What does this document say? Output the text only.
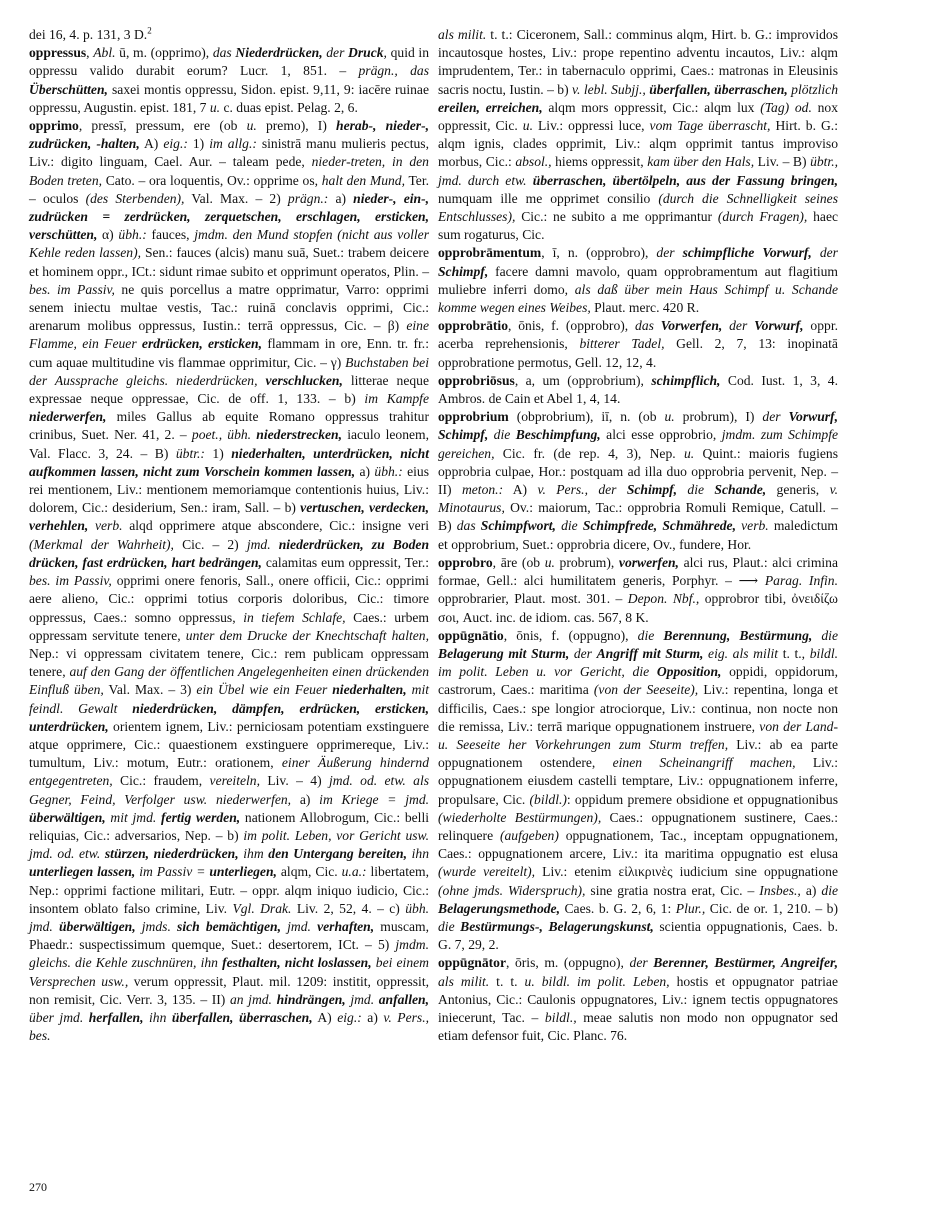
dei 16, 4. p. 131, 3 D.$^2$

oppressus, Abl. ū, m. (opprimo), das Niederdrücken, der Druck, quid in oppressu valido durabit eorum? Lucr. 1, 851. – prägn., das Überschütten, saxei montis oppressu, Sidon. epist. 9,11, 9: iacēre ruinae oppressu, Augustin. epist. 181, 7 u. c. duas epist. Pelag. 2, 6.

opprimo, pressī, pressum, ere (ob u. premo), I) herab-, nieder-, zudrücken, -halten, A) eig.: 1) im allg.: sinistrā manu mulieris pectus, Liv.: digito linguam, Cael. Aur. – taleam pede, nieder-treten, in den Boden treten, Cato. – ora loquentis, Ov.: opprime os, halt den Mund, Ter. – oculos (des Sterbenden), Val. Max. – 2) prägn.: a) nieder-, ein-, zudrücken = zerdrücken, zerquetschen, erschlagen, ersticken, verschütten, α) übh.: fauces, jmdm. den Mund stopfen (nicht aus voller Kehle reden lassen), Sen.: fauces (alcis) manu suā, Suet.: trabem deicere et hominem oppr., ICt.: sidunt rimae subito et opprimunt operatos, Plin. – bes. im Passiv, ne quis porcellus a matre opprimatur, Varro: opprimi senem iniectu multae vestis, Tac.: ruinā conclavis opprimi, Cic.: arenarum molibus oppressus, Iustin.: terrā oppressus, Cic. – β) eine Flamme, ein Feuer erdrücken, ersticken, flammam in ore, Enn. tr. fr.: cum aquae multitudine vis flammae opprimitur, Cic. – γ) Buchstaben bei der Aussprache gleichs. niederdrücken, verschlucken, litterae neque expressae neque oppressae, Cic. de off. 1, 133. – b) im Kampfe niederwerfen, miles Gallus ab equite Romano oppressus trahitur crinibus, Suet. Ner. 41, 2. – poet., übh. niederstrecken, iaculo leonem, Val. Flacc. 3, 24. – B) übtr.: 1) niederhalten, unterdrücken, nicht aufkommen lassen, nicht zum Vorschein kommen lassen, a) übh.: eius rei mentionem, Liv.: mentionem memoriamque contentionis huius, Liv.: dolorem, Cic.: desiderium, Sen.: iram, Sall. – b) vertuschen, verdecken, verhehlen, verb. alqd opprimere atque abscondere, Cic.: insigne veri (Merkmal der Wahrheit), Cic. – 2) jmd. niederdrücken, zu Boden drücken, fast erdrücken, hart bedrängen, calamitas eum oppressit, Ter.: bes. im Passiv, opprimi onere fenoris, Sall., onere officii, Cic.: opprimi aere alieno, Cic.: opprimi totius corporis doloribus, Cic.: timore oppressus, Caes.: somno oppressus, in tiefem Schlafe, Caes.: urbem oppressam servitute tenere, unter dem Drucke der Knechtschaft halten, Nep.: vi oppressam civitatem tenere, Cic.: rem publicam oppressam tenere, auf den Gang der öffentlichen Angelegenheiten einen drückenden Einfluß üben, Val. Max. – 3) ein Übel wie ein Feuer niederhalten, mit feindl. Gewalt niederdrücken, dämpfen, erdrücken, ersticken, unterdrücken, orientem ignem, Liv.: perniciosam potentiam exstinguere atque opprimere, Cic.: quaestionem exstinguere opprimereque, Liv.: tumultum, Liv.: motum, Eutr.: orationem, einer Äußerung hindernd entgegentreten, Cic.: fraudem, vereiteln, Liv. – 4) jmd. od. etw. als Gegner, Feind, Verfolger usw. niederwerfen, a) im Kriege = jmd. überwältigen, mit jmd. fertig werden, nationem Allobrogum, Cic.: belli reliquias, Cic.: adversarios, Nep. – b) im polit. Leben, vor Gericht usw. jmd. od. etw. stürzen, niederdrücken, ihm den Untergang bereiten, ihn unterliegen lassen, im Passiv = unterliegen, alqm, Cic. u.a.: libertatem, Nep.: opprimi factione militari, Eutr. – oppr. alqm iniquo iudicio, Cic.: insontem oblato falso crimine, Liv. Vgl. Drak. Liv. 2, 52, 4. – c) übh. jmd. überwältigen, jmds. sich bemächtigen, jmd. verhaften, muscam, Phaedr.: suspectissimum quemque, Suet.: desertorem, ICt. – 5) jmdm. gleichs. die Kehle zuschnüren, ihn festhalten, nicht loslassen, bei einem Versprechen usw., verum oppressit, Plaut. mil. 1209: institit, oppressit, non remisit, Cic. Verr. 3, 135. – II) an jmd. hindrängen, jmd. anfallen, über jmd. herfallen, ihn überfallen, überraschen, A) eig.: a) v. Pers., bes.

als milit. t. t.: Ciceronem, Sall.: comminus alqm, Hirt. b. G.: improvidos incautosque hostes, Liv.: prope repentino adventu incautos, Liv.: alqm imprudentem, Ter.: in tabernaculo opprimi, Caes.: matronas in Eleusinis sacris noctu, Iustin. – b) v. lebl. Subjj., überfallen, überraschen, plötzlich ereilen, erreichen, alqm mors oppressit, Cic.: alqm lux (Tag) od. nox oppressit, Cic. u. Liv.: oppressi luce, vom Tage überrascht, Hirt. b. G.: alqm ignis, clades opprimit, Liv.: alqm opprimit tantus improviso morbus, Cic.: absol., hiems oppressit, kam über den Hals, Liv. – B) übtr., jmd. durch etw. überraschen, übertölpeln, aus der Fassung bringen, numquam ille me opprimet consilio (durch die Schnelligkeit seines Entschlusses), Cic.: ne subito a me opprimantur (durch Fragen), haec sum rogaturus, Cic.

opprobrāmentum, ī, n. (opprobro), der schimpfliche Vorwurf, der Schimpf, facere damni mavolo, quam opprobramentum aut flagitium muliebre inferri domo, als daß über mein Haus Schimpf u. Schande komme wegen eines Weibes, Plaut. merc. 420 R.

opprobrātio, ōnis, f. (opprobro), das Vorwerfen, der Vorwurf, oppr. acerba reprehensionis, bitterer Tadel, Gell. 2, 7, 13: inopinatā opprobratione permotus, Gell. 12, 12, 4.

opprobriōsus, a, um (opprobrium), schimpflich, Cod. Iust. 1, 3, 4. Ambros. de Cain et Abel 1, 4, 14.

opprobrium (obprobrium), iī, n. (ob u. probrum), I) der Vorwurf, Schimpf, die Beschimpfung, alci esse opprobrio, jmdm. zum Schimpfe gereichen, Cic. fr. (de rep. 4, 3), Nep. u. Quint.: maioris fugiens opprobria culpae, Hor.: postquam ad illa duo opprobria pervenit, Nep. – II) meton.: A) v. Pers., der Schimpf, die Schande, generis, v. Minotaurus, Ov.: maiorum, Tac.: opprobria Romuli Remique, Catull. – B) das Schimpfwort, die Schimpfrede, Schmährede, verb. maledictum et opprobrium, Suet.: opprobria dicere, Ov., fundere, Hor.

opprobro, āre (ob u. probrum), vorwerfen, alci rus, Plaut.: alci crimina formae, Gell.: alci humilitatem generis, Porphyr. – ⟶ Parag. Infin. opprobrarier, Plaut. most. 301. – Depon. Nbf., opprobror tibi, ὀνειδίζω σοι, Auct. inc. de idiom. cas. 567, 8 K.

oppūgnātio, ōnis, f. (oppugno), die Berennung, Bestürmung, die Belagerung mit Sturm, der Angriff mit Sturm, eig. als milit t. t., bildl. im polit. Leben u. vor Gericht, die Opposition, oppidi, oppidorum, castrorum, Caes.: maritima (von der Seeseite), Liv.: repentina, longa et difficilis, Caes.: spe longior atrociorque, Liv.: continua, non nocte non die remissa, Liv.: terrā marique oppugnationem instruere, von der Land- u. Seeseite her Vorkehrungen zum Sturm treffen, Liv.: ab ea parte oppugnationem ostendere, einen Scheinangriff machen, Liv.: oppugnationem eiusdem castelli temptare, Liv.: oppugnationem inferre, propulsare, Cic. (bildl.): oppidum premere obsidione et oppugnationibus (wiederholte Bestürmungen), Caes.: oppugnationem sustinere, Caes.: relinquere (aufgeben) oppugnationem, Tac., inceptam oppugnationem, Caes.: oppugnationem arcere, Liv.: ita maritima oppugnatio est elusa (wurde vereitelt), Liv.: etenim εἰλικρινὲς iudicium sine oppugnatione (ohne jmds. Widerspruch), sine gratia nostra erat, Cic. – Insbes., a) die Belagerungsmethode, Caes. b. G. 2, 6, 1: Plur., Cic. de or. 1, 210. – b) die Bestürmungs-, Belagerungskunst, scientia oppugnationis, Caes. b. G. 7, 29, 2.

oppūgnātor, ōris, m. (oppugno), der Berenner, Bestürmer, Angreifer, als milit. t. t. u. bildl. im polit. Leben, hostis et oppugnator patriae Antonius, Cic.: Caulonis oppugnatores, Liv.: ignem tectis oppugnatores iniecerunt, Tac. – bildl., meae salutis non modo non oppugnator sed etiam defensor fuit, Cic. Planc. 76.

270
